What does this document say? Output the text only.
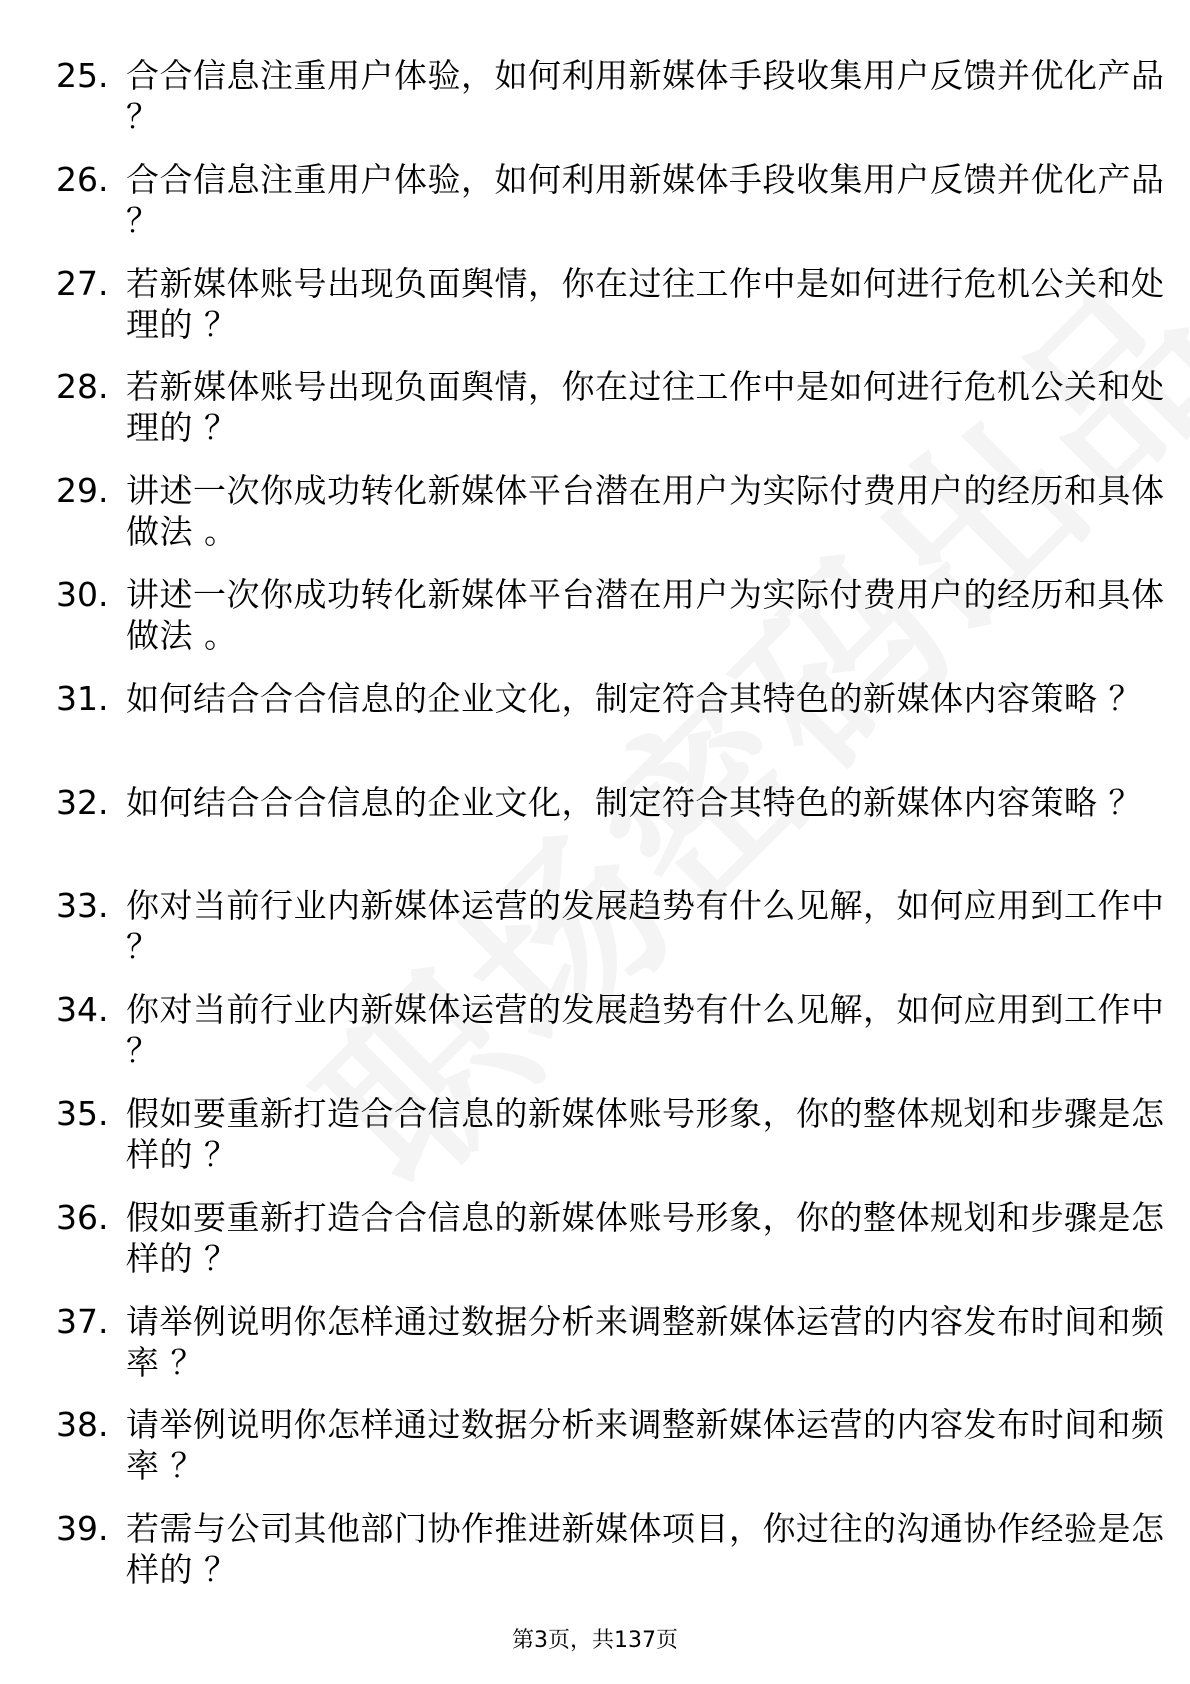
25. 合合信息注重用户体验，如何利用新媒体手段收集用户反馈并优化产品 ？
26. 合合信息注重用户体验，如何利用新媒体手段收集用户反馈并优化产品 ？
27. 若新媒体账号出现负面舆情，你在过往工作中是如何进行危机公关和处理的 ？
28. 若新媒体账号出现负面舆情，你在过往工作中是如何进行危机公关和处理的 ？
29. 讲述一次你成功转化新媒体平台潜在用户为实际付费用户的经历和具体做法 。
30. 讲述一次你成功转化新媒体平台潜在用户为实际付费用户的经历和具体做法 。
31. 如何结合合合信息的企业文化，制定符合其特色的新媒体内容策略 ？
32. 如何结合合合信息的企业文化，制定符合其特色的新媒体内容策略 ？
33. 你对当前行业内新媒体运营的发展趋势有什么见解，如何应用到工作中 ？
34. 你对当前行业内新媒体运营的发展趋势有什么见解，如何应用到工作中 ？
35. 假如要重新打造合合信息的新媒体账号形象，你的整体规划和步骤是怎样的 ？
36. 假如要重新打造合合信息的新媒体账号形象，你的整体规划和步骤是怎样的 ？
37. 请举例说明你怎样通过数据分析来调整新媒体运营的内容发布时间和频率 ？
38. 请举例说明你怎样通过数据分析来调整新媒体运营的内容发布时间和频率 ？
39. 若需与公司其他部门协作推进新媒体项目，你过往的沟通协作经验是怎样的 ？
第3页，共137页
